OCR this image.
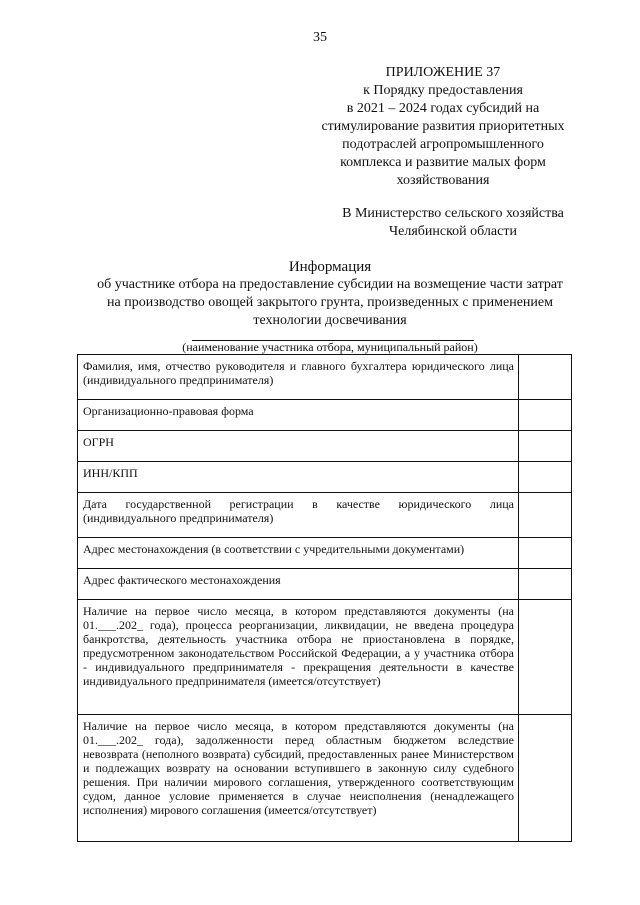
35
ПРИЛОЖЕНИЕ 37
к Порядку предоставления
в 2021 – 2024 годах субсидий на
стимулирование развития приоритетных
подотраслей агропромышленного
комплекса и развитие малых форм
хозяйствования
В Министерство сельского хозяйства
Челябинской области
Информация
об участнике отбора на предоставление субсидии на возмещение части затрат
на производство овощей закрытого грунта, произведенных с применением
технологии досвечивания
(наименование участника отбора, муниципальный район)
Фамилия, имя, отчество руководителя и главного бухгалтера юридического лица (индивидуального предпринимателя)	
Организационно-правовая форма	
ОГРН	
ИНН/КПП	
Дата государственной регистрации в качестве юридического лица (индивидуального предпринимателя)	
Адрес местонахождения (в соответствии с учредительными документами)	
Адрес фактического местонахождения	
Наличие на первое число месяца, в котором представляются документы (на 01.___.202_ года), процесса реорганизации, ликвидации, не введена процедура банкротства, деятельность участника отбора не приостановлена в порядке, предусмотренном законодательством Российской Федерации, а у участника отбора - индивидуального предпринимателя - прекращения деятельности в качестве индивидуального предпринимателя (имеется/отсутствует)	
Наличие на первое число месяца, в котором представляются документы (на 01.___.202_ года), задолженности перед областным бюджетом вследствие невозврата (неполного возврата) субсидий, предоставленных ранее Министерством и подлежащих возврату на основании вступившего в законную силу судебного решения. При наличии мирового соглашения, утвержденного соответствующим судом, данное условие применяется в случае неисполнения (ненадлежащего исполнения) мирового соглашения (имеется/отсутствует)	
